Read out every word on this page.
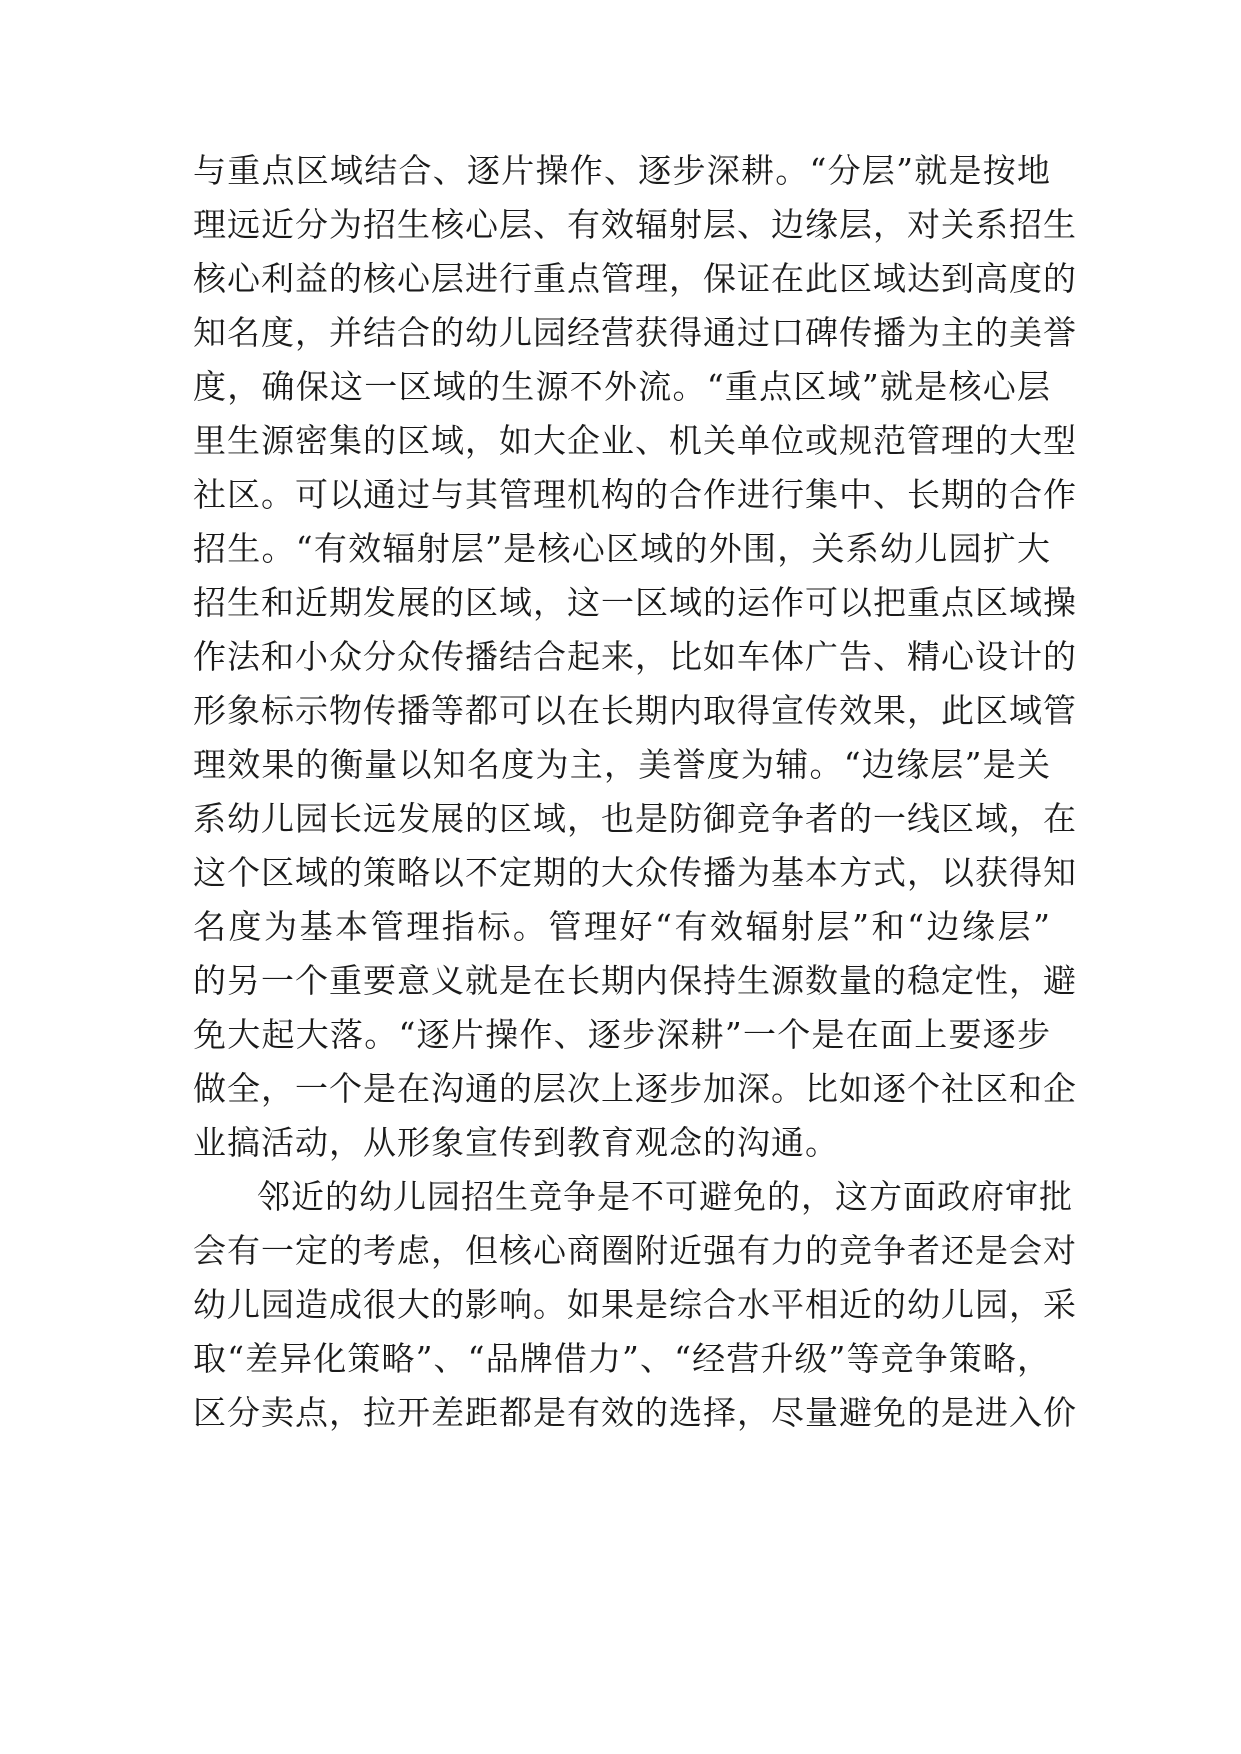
与重点区域结合、逐片操作、逐步深耕。“分层”就是按地

理远近分为招生核心层、有效辐射层、边缘层，对关系招生

核心利益的核心层进行重点管理，保证在此区域达到高度的

知名度，并结合的幼儿园经营获得通过口碑传播为主的美誉

度，确保这一区域的生源不外流。“重点区域”就是核心层

里生源密集的区域，如大企业、机关单位或规范管理的大型

社区。可以通过与其管理机构的合作进行集中、长期的合作

招生。“有效辐射层”是核心区域的外围，关系幼儿园扩大

招生和近期发展的区域，这一区域的运作可以把重点区域操

作法和小众分众传播结合起来，比如车体广告、精心设计的

形象标示物传播等都可以在长期内取得宣传效果，此区域管

理效果的衡量以知名度为主，美誉度为辅。“边缘层”是关

系幼儿园长远发展的区域，也是防御竞争者的一线区域，在

这个区域的策略以不定期的大众传播为基本方式，以获得知

名度为基本管理指标。管理好“有效辐射层”和“边缘层”

的另一个重要意义就是在长期内保持生源数量的稳定性，避

免大起大落。“逐片操作、逐步深耕”一个是在面上要逐步

做全，一个是在沟通的层次上逐步加深。比如逐个社区和企

业搞活动，从形象宣传到教育观念的沟通。

邻近的幼儿园招生竞争是不可避免的，这方面政府审批

会有一定的考虑，但核心商圈附近强有力的竞争者还是会对

幼儿园造成很大的影响。如果是综合水平相近的幼儿园，采

取“差异化策略”、“品牌借力”、“经营升级”等竞争策略，

区分卖点，拉开差距都是有效的选择，尽量避免的是进入价
